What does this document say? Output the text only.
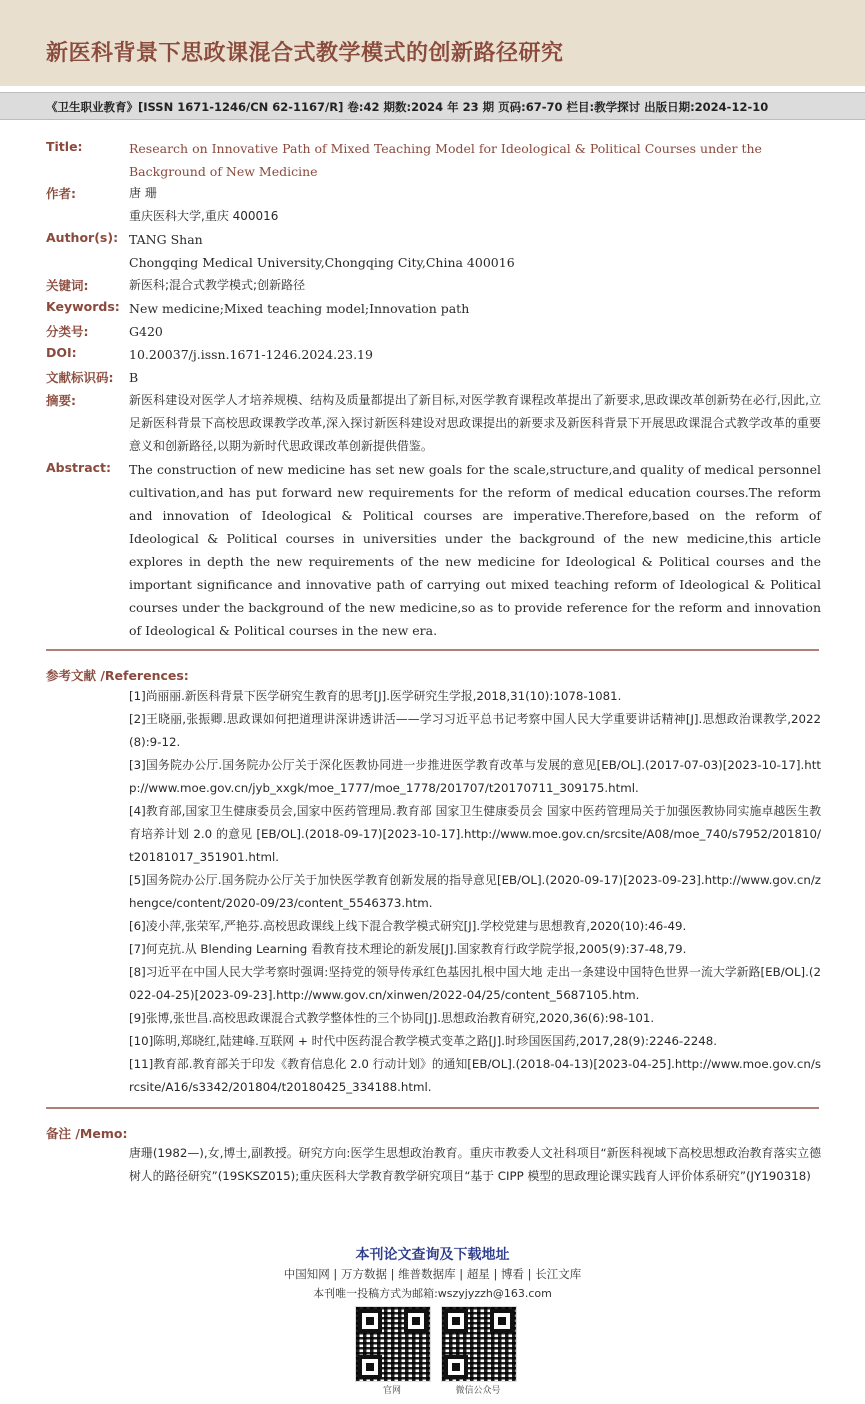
新医科背景下思政课混合式教学模式的创新路径研究
《卫生职业教育》[ISSN 1671-1246/CN 62-1167/R] 卷:42 期数:2024 年 23 期 页码:67-70 栏目:教学探讨 出版日期:2024-12-10
Title:	Research on Innovative Path of Mixed Teaching Model for Ideological & Political Courses under the Background of New Medicine
作者:	唐 珊
重庆医科大学,重庆 400016
Author(s): TANG Shan
Chongqing Medical University,Chongqing City,China 400016
关键词:	新医科;混合式教学模式;创新路径
Keywords: New medicine;Mixed teaching model;Innovation path
分类号:	G420
DOI:	10.20037/j.issn.1671-1246.2024.23.19
文献标识码: B
摘要:	新医科建设对医学人才培养规模、结构及质量都提出了新目标,对医学教育课程改革提出了新要求,思政课改革创新势在必行,因此,立足新医科背景下高校思政课教学改革,深入探讨新医科建设对思政课提出的新要求及新医科背景下开展思政课混合式教学改革的重要意义和创新路径,以期为新时代思政课改革创新提供借鉴。
Abstract: The construction of new medicine has set new goals for the scale,structure,and quality of medical personnel cultivation,and has put forward new requirements for the reform of medical education courses.The reform and innovation of Ideological & Political courses are imperative.Therefore,based on the reform of Ideological & Political courses in universities under the background of the new medicine,this article explores in depth the new requirements of the new medicine for Ideological & Political courses and the important significance and innovative path of carrying out mixed teaching reform of Ideological & Political courses under the background of the new medicine,so as to provide reference for the reform and innovation of Ideological & Political courses in the new era.
参考文献 /References:

[1]尚丽丽.新医科背景下医学研究生教育的思考[J].医学研究生学报,2018,31(10):1078-1081.

[2]王晓丽,张振卿.思政课如何把道理讲深讲透讲活——学习习近平总书记考察中国人民大学重要讲话精神[J].思想政治课教学,2022(8):9-12.

[3]国务院办公厅.国务院办公厅关于深化医教协同进一步推进医学教育改革与发展的意见[EB/OL].(2017-07-03)[2023-10-17].http://www.moe.gov.cn/jyb_xxgk/moe_1777/moe_1778/201707/t20170711_309175.html.

[4]教育部,国家卫生健康委员会,国家中医药管理局.教育部 国家卫生健康委员会 国家中医药管理局关于加强医教协同实施卓越医生教育培养计划 2.0 的意见 [EB/OL].(2018-09-17)[2023-10-17].http://www.moe.gov.cn/srcsite/A08/moe_740/s7952/201810/t20181017_351901.html.

[5]国务院办公厅.国务院办公厅关于加快医学教育创新发展的指导意见[EB/OL].(2020-09-17)[2023-09-23].http://www.gov.cn/zhengce/content/2020-09/23/content_5546373.htm.

[6]凌小萍,张荣军,严艳芬.高校思政课线上线下混合教学模式研究[J].学校党建与思想教育,2020(10):46-49.

[7]何克抗.从 Blending Learning 看教育技术理论的新发展[J].国家教育行政学院学报,2005(9):37-48,79.

[8]习近平在中国人民大学考察时强调:坚持党的领导传承红色基因扎根中国大地 走出一条建设中国特色世界一流大学新路[EB/OL].(2022-04-25)[2023-09-23].http://www.gov.cn/xinwen/2022-04/25/content_5687105.htm.

[9]张博,张世昌.高校思政课混合式教学整体性的三个协同[J].思想政治教育研究,2020,36(6):98-101.

[10]陈明,郑晓红,陆建峰.互联网 + 时代中医药混合教学模式变革之路[J].时珍国医国药,2017,28(9):2246-2248.

[11]教育部.教育部关于印发《教育信息化 2.0 行动计划》的通知[EB/OL].(2018-04-13)[2023-04-25].http://www.moe.gov.cn/srcsite/A16/s3342/201804/t20180425_334188.html.

备注 /Memo:
唐珊(1982—),女,博士,副教授。研究方向:医学生思想政治教育。重庆市教委人文社科项目“新医科视域下高校思想政治教育落实立德树人的路径研究”(19SKSZ015);重庆医科大学教育教学研究项目“基于 CIPP 模型的思政理论课实践育人评价体系研究”(JY190318)
本刊论文查询及下载地址
中国知网 | 万方数据 | 维普数据库 | 超星 | 博看 | 长江文库
本刊唯一投稿方式为邮箱:wszyjyzzh@163.com
官网	微信公众号
